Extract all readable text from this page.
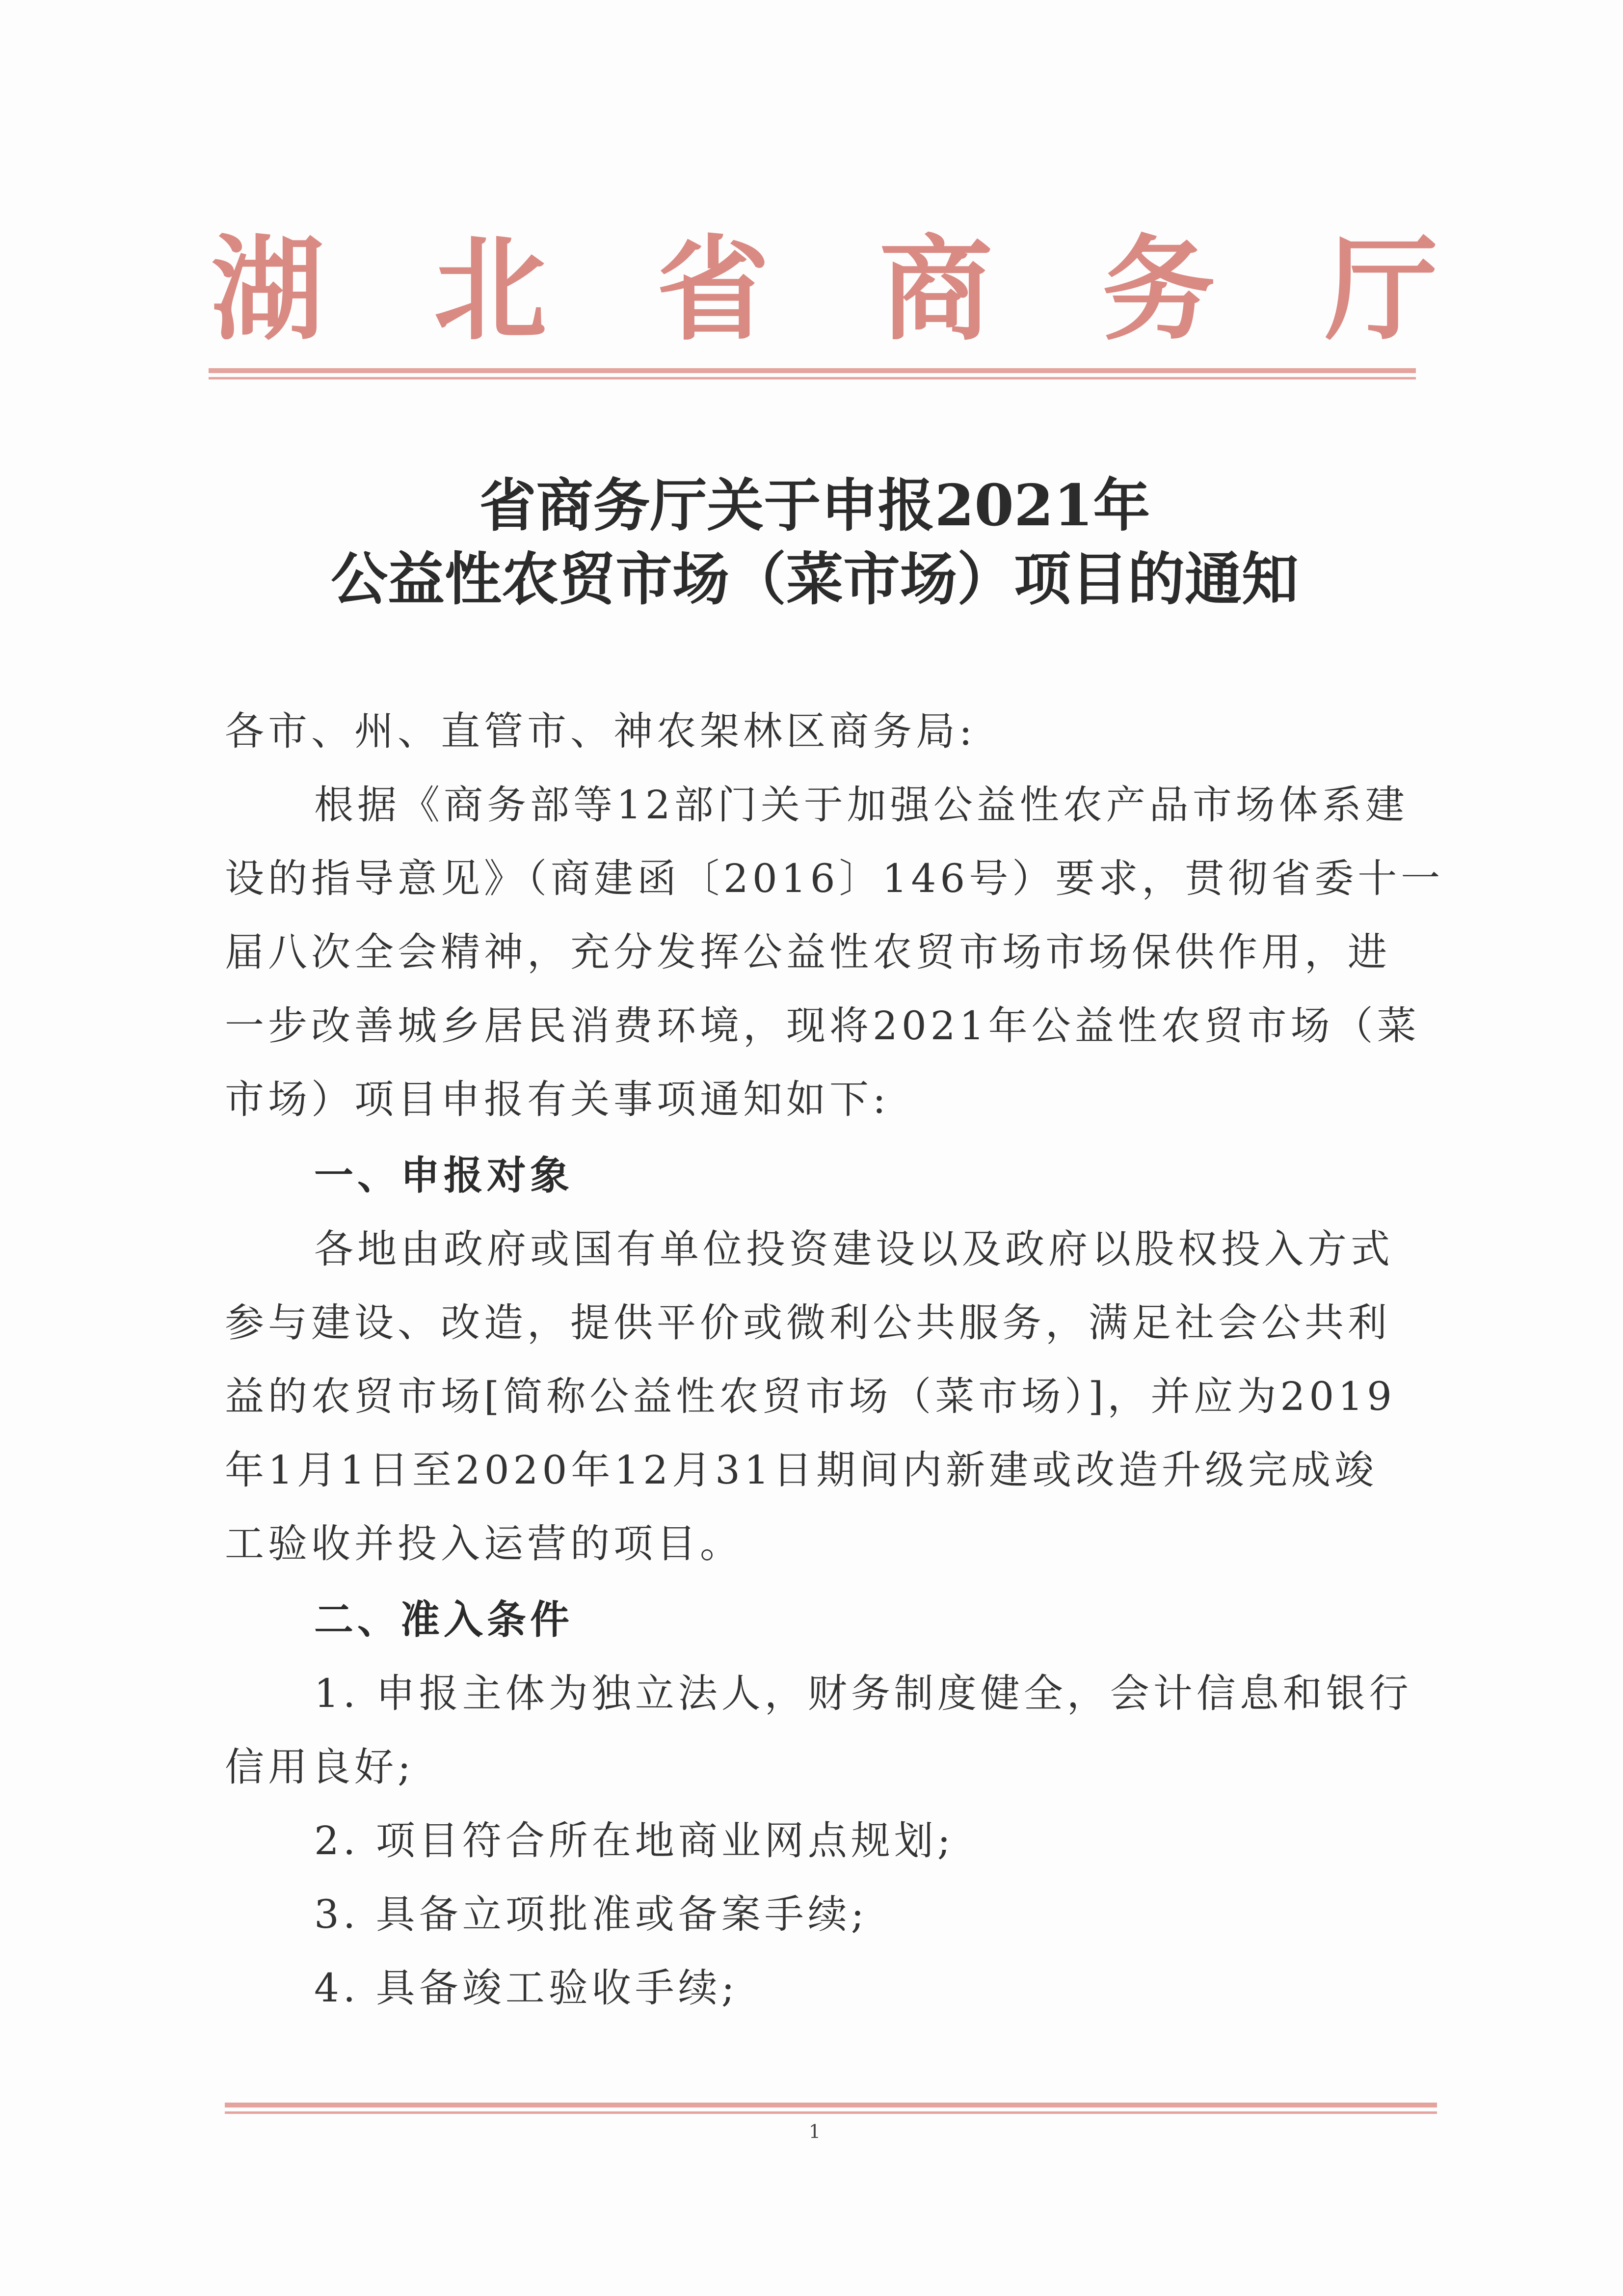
湖 北 省 商 务 厅
省商务厅关于申报2021年
公益性农贸市场（菜市场）项目的通知
各市、州、直管市、神农架林区商务局:
根据《商务部等12部门关于加强公益性农产品市场体系建
设的指导意见》（商建函〔2016〕146号）要求，贯彻省委十一
届八次全会精神，充分发挥公益性农贸市场市场保供作用，进
一步改善城乡居民消费环境，现将2021年公益性农贸市场（菜
市场）项目申报有关事项通知如下:
一、申报对象
各地由政府或国有单位投资建设以及政府以股权投入方式
参与建设、改造，提供平价或微利公共服务，满足社会公共利
益的农贸市场[简称公益性农贸市场（菜市场）]，并应为2019
年1月1日至2020年12月31日期间内新建或改造升级完成竣
工验收并投入运营的项目。
二、准入条件
1. 申报主体为独立法人，财务制度健全，会计信息和银行
信用良好;
2. 项目符合所在地商业网点规划;
3. 具备立项批准或备案手续;
4. 具备竣工验收手续;
1
